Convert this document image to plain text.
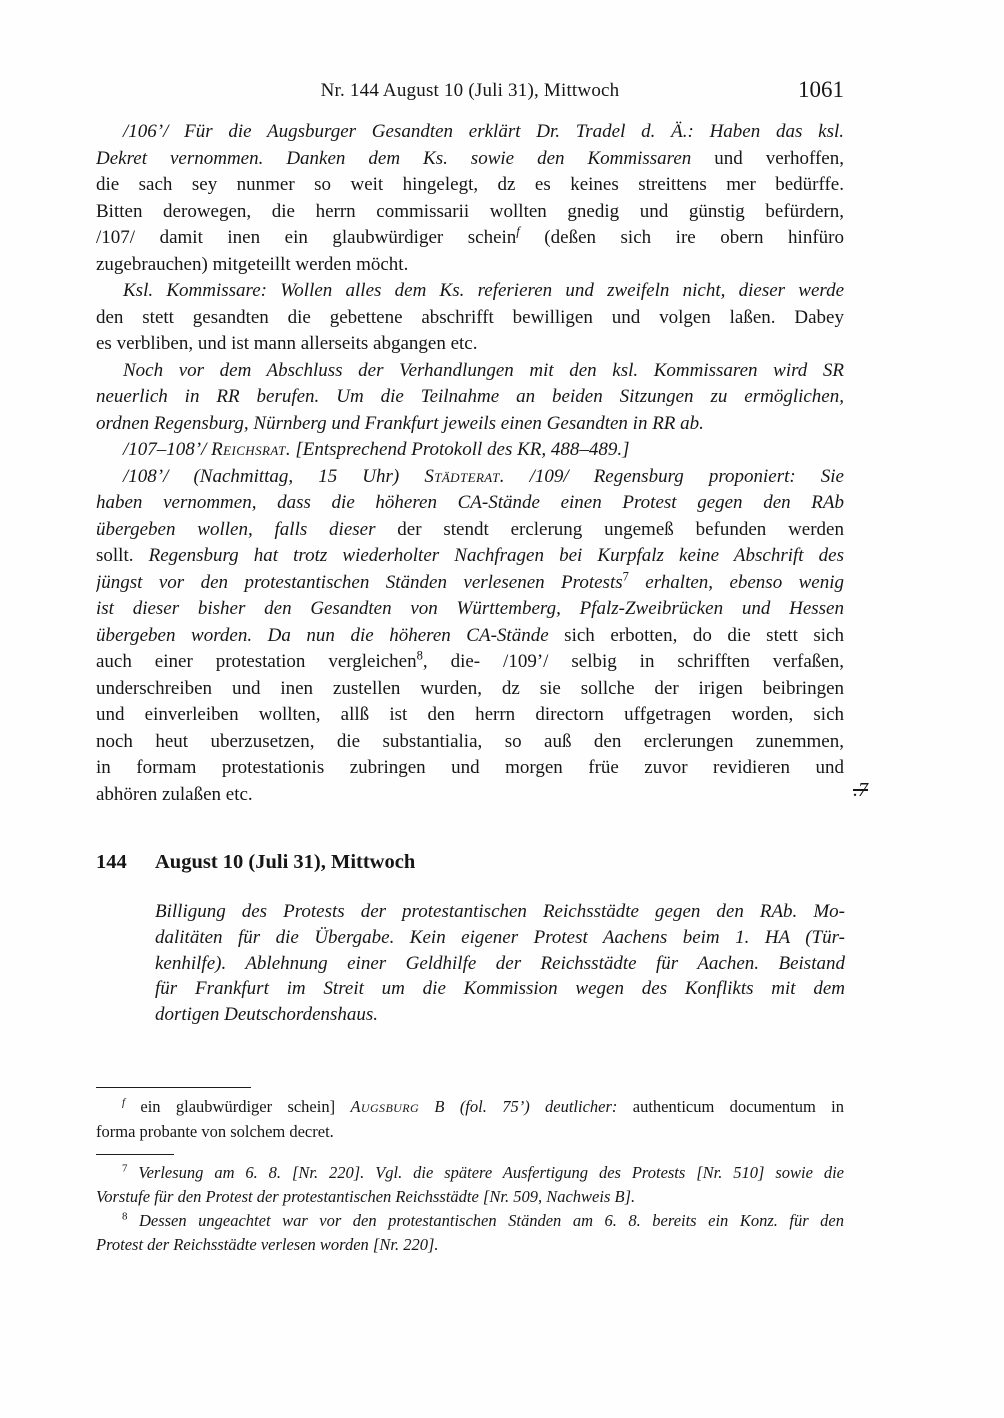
Nr. 144 August 10 (Juli 31), Mittwoch	1061
/106’/ Für die Augsburger Gesandten erklärt Dr. Tradel d. Ä.: Haben das ksl.
Dekret vernommen. Danken dem Ks. sowie den Kommissaren und verhoffen,
die sach sey nunmer so weit hingelegt, dz es keines streittens mer bedürffe.
Bitten derowegen, die herrn commissarii wollten gnedig und günstig befürdern,
/107/ damit inen ein glaubwürdiger schein$^f$ (deßen sich ire obern hinfüro
zugebrauchen) mitgeteillt werden möcht.
Ksl. Kommissare: Wollen alles dem Ks. referieren und zweifeln nicht, dieser werde
den stett gesandten die gebettene abschrifft bewilligen und volgen laßen. Dabey
es verbliben, und ist mann allerseits abgangen etc.
Noch vor dem Abschluss der Verhandlungen mit den ksl. Kommissaren wird SR
neuerlich in RR berufen. Um die Teilnahme an beiden Sitzungen zu ermöglichen,
ordnen Regensburg, Nürnberg und Frankfurt jeweils einen Gesandten in RR ab.
/107–108’/ Reichsrat. [Entsprechend Protokoll des KR, 488–489.]
/108’/ (Nachmittag, 15 Uhr) Städterat. /109/ Regensburg proponiert: Sie
haben vernommen, dass die höheren CA-Stände einen Protest gegen den RAb
übergeben wollen, falls dieser der stendt erclerung ungemeß befunden werden
sollt. Regensburg hat trotz wiederholter Nachfragen bei Kurpfalz keine Abschrift des
jüngst vor den protestantischen Ständen verlesenen Protests$^7$ erhalten, ebenso wenig
ist dieser bisher den Gesandten von Württemberg, Pfalz-Zweibrücken und Hessen
übergeben worden. Da nun die höheren CA-Stände sich erbotten, do die stett sich
auch einer protestation vergleichen$^8$, die- /109’/ selbig in schrifften verfaßen,
underschreiben und inen zustellen wurden, dz sie sollche der irigen beibringen
und einverleiben wollten, allß ist den herrn directorn uffgetragen worden, sich
noch heut uberzusetzen, die substantialia, so auß den erclerungen zunemmen,
in formam protestationis zubringen und morgen früe zuvor revidieren und
abhören zulaßen etc.	.7
144 August 10 (Juli 31), Mittwoch
Billigung des Protests der protestantischen Reichsstädte gegen den RAb. Mo-
dalitäten für die Übergabe. Kein eigener Protest Aachens beim 1. HA (Tür-
kenhilfe). Ablehnung einer Geldhilfe der Reichsstädte für Aachen. Beistand
für Frankfurt im Streit um die Kommission wegen des Konflikts mit dem
dortigen Deutschordenshaus.
$^f$ ein glaubwürdiger schein] Augsburg B (fol. 75’) deutlicher: authenticum documentum in
forma probante von solchem decret.
$^7$ Verlesung am 6. 8. [Nr. 220]. Vgl. die spätere Ausfertigung des Protests [Nr. 510] sowie die
Vorstufe für den Protest der protestantischen Reichsstädte [Nr. 509, Nachweis B].
$^8$ Dessen ungeachtet war vor den protestantischen Ständen am 6. 8. bereits ein Konz. für den
Protest der Reichsstädte verlesen worden [Nr. 220].
